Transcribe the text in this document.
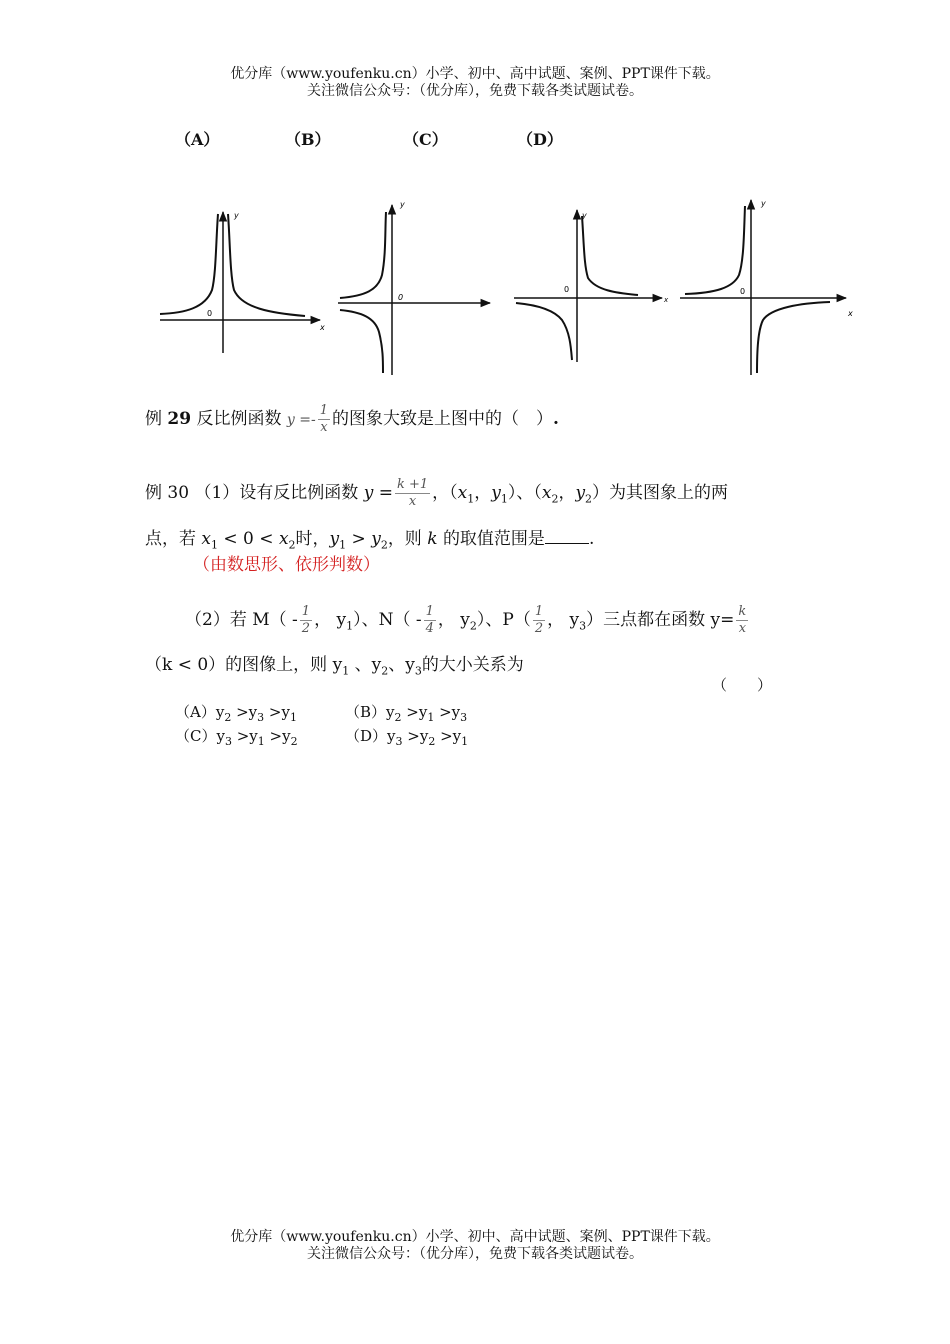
优分库（www.youfenku.cn）小学、初中、高中试题、案例、PPT课件下载。
关注微信公众号：（优分库），免费下载各类试题试卷。
（A）	（B）	（C）	（D）
x
y
0
0
y
0
x
y
0
x
y
例 29 反比例函数 $y =- \frac{1}{x}$ 的图象大致是上图中的（　）.
例 30 （1）设有反比例函数 $y = \frac{k +1}{x}$ ，（$x_1$，$y_1$）、（$x_2$，$y_2$）为其图象上的两
点，若 $x_1 < 0 < x_2$时，$y_1 > y_2$，则 k 的取值范围是	.
（由数思形、依形判数）
（2）若 $M( - \frac{1}{2}$ ， $y_1$）、$N( - \frac{1}{4}$ ， $y_2$）、$P( \frac{1}{2}$ ， $y_3$）三点都在函数 $y= \frac{k}{x}$
（k < 0）的图像上，则 $y_1$ 、$y_2$、$y_3$的大小关系为
（　　）
$(A)y_2 >y_3 >y_1$	$(B)y_2 >y_1 >y_3$
$(C)y_3 >y_1 >y_2$	$(D)y_3 >y_2 >y_1$
优分库（www.youfenku.cn）小学、初中、高中试题、案例、PPT课件下载。
关注微信公众号：（优分库），免费下载各类试题试卷。
